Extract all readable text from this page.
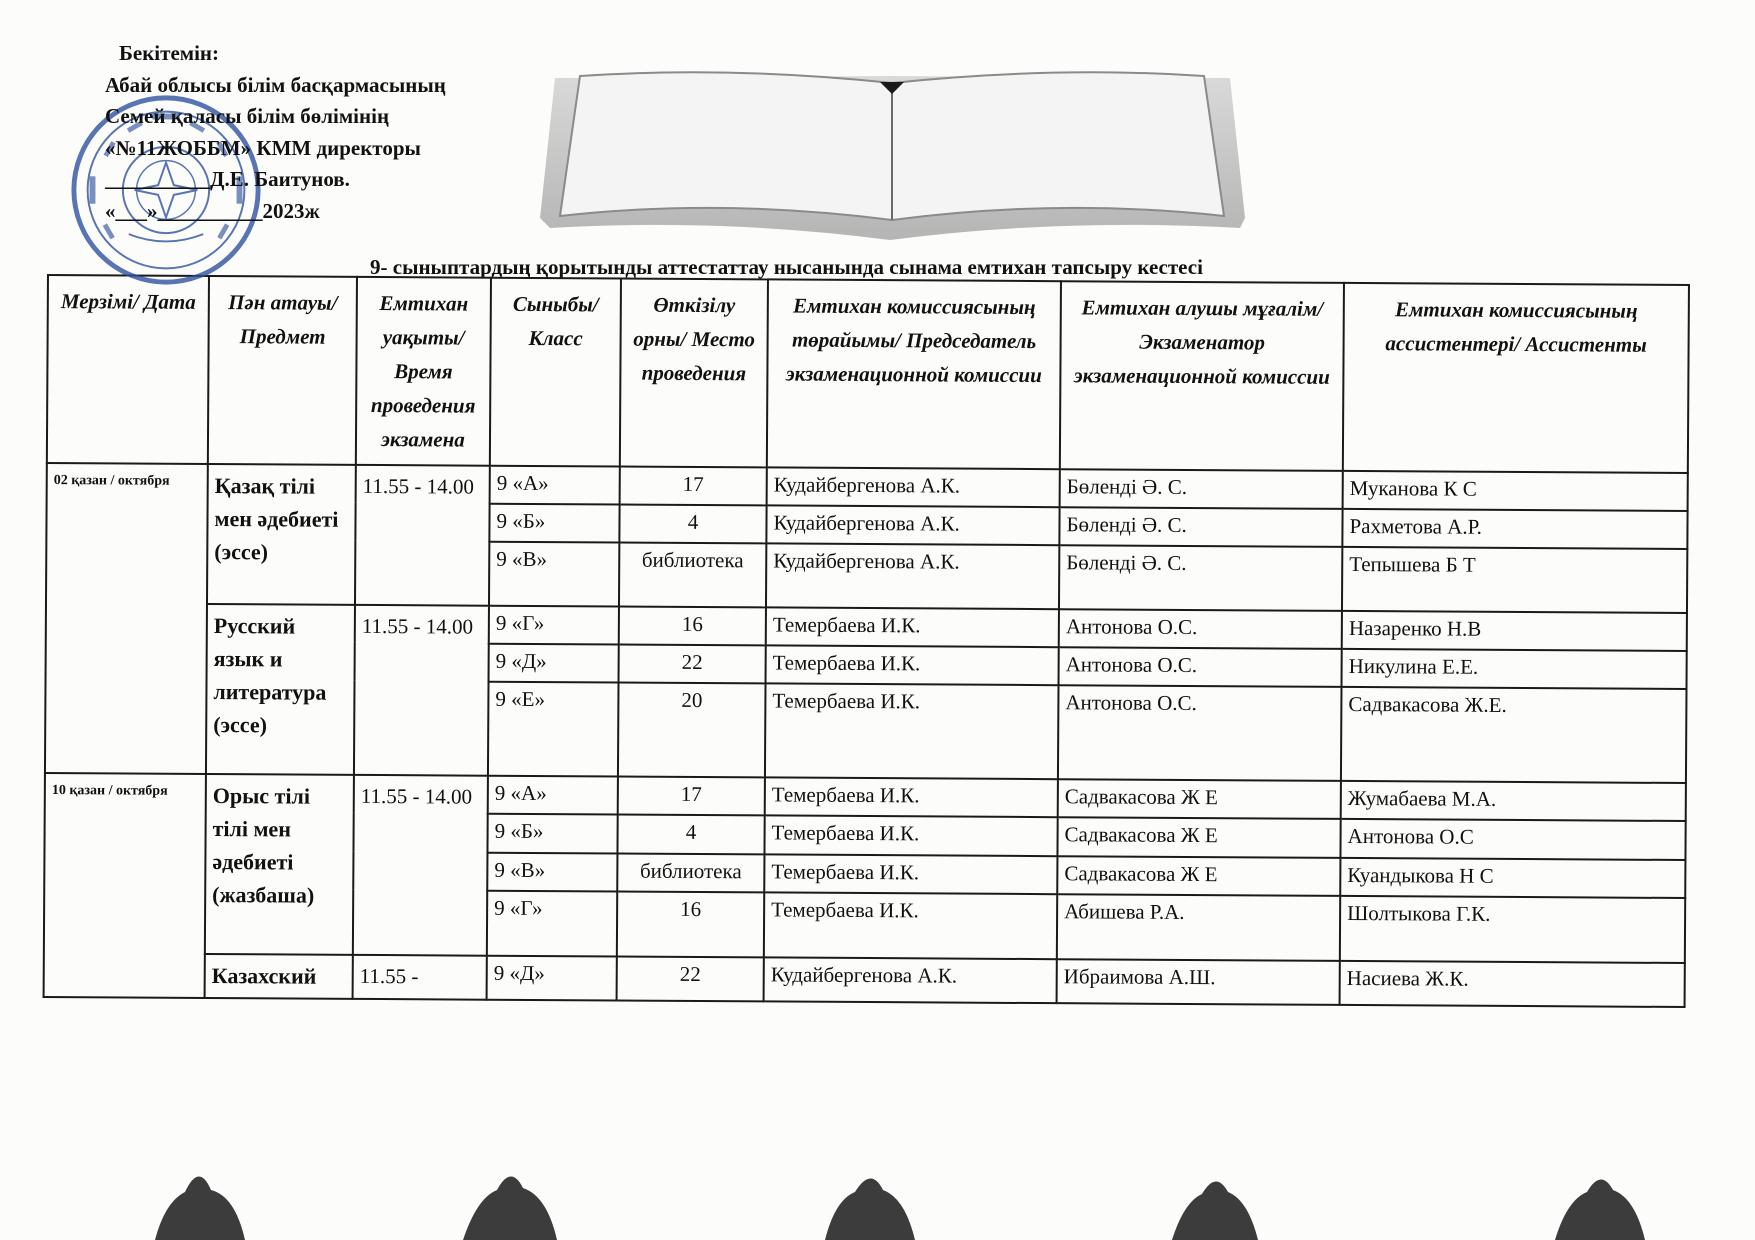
Бекітемін:
Абай облысы білім басқармасының
Семей қаласы білім бөлімінің
«№11ЖОББМ» КММ директоры
__________Д.Е. Баитунов.
«___»__________2023ж
9- сыныптардың қорытынды аттестаттау нысанында сынама емтихан тапсыру кестесі
Мерзімі/ Дата	Пән атауы/ Предмет	Емтихан уақыты/ Время проведения экзамена	Сыныбы/ Класс	Өткізілу орны/ Место проведения	Емтихан комиссиясының төрайымы/ Председатель экзаменационной комиссии	Емтихан алушы мұғалім/ Экзаменатор экзаменационной комиссии	Емтихан комиссиясының ассистентері/ Ассистенты
02 қазан / октября	Қазақ тілі мен әдебиеті (эссе)	11.55 - 14.00	9 «А»	17	Кудайбергенова А.К.	Бөленді Ә. С.	Муканова К С
			9 «Б»	4	Кудайбергенова А.К.	Бөленді Ә. С.	Рахметова А.Р.
			9 «В»	библиотека	Кудайбергенова А.К.	Бөленді Ә. С.	Тепышева Б Т
	Русский язык и литература (эссе)	11.55 - 14.00	9 «Г»	16	Темербаева И.К.	Антонова О.С.	Назаренко Н.В
			9 «Д»	22	Темербаева И.К.	Антонова О.С.	Никулина Е.Е.
			9 «Е»	20	Темербаева И.К.	Антонова О.С.	Садвакасова Ж.Е.
10 қазан / октября	Орыс тілі тілі мен әдебиеті (жазбаша)	11.55 - 14.00	9 «А»	17	Темербаева И.К.	Садвакасова Ж Е	Жумабаева М.А.
			9 «Б»	4	Темербаева И.К.	Садвакасова Ж Е	Антонова О.С
			9 «В»	библиотека	Темербаева И.К.	Садвакасова Ж Е	Куандыкова Н С
			9 «Г»	16	Темербаева И.К.	Абишева Р.А.	Шолтыкова Г.К.
	Казахский	11.55 -	9 «Д»	22	Кудайбергенова А.К.	Ибраимова А.Ш.	Насиева Ж.К.
